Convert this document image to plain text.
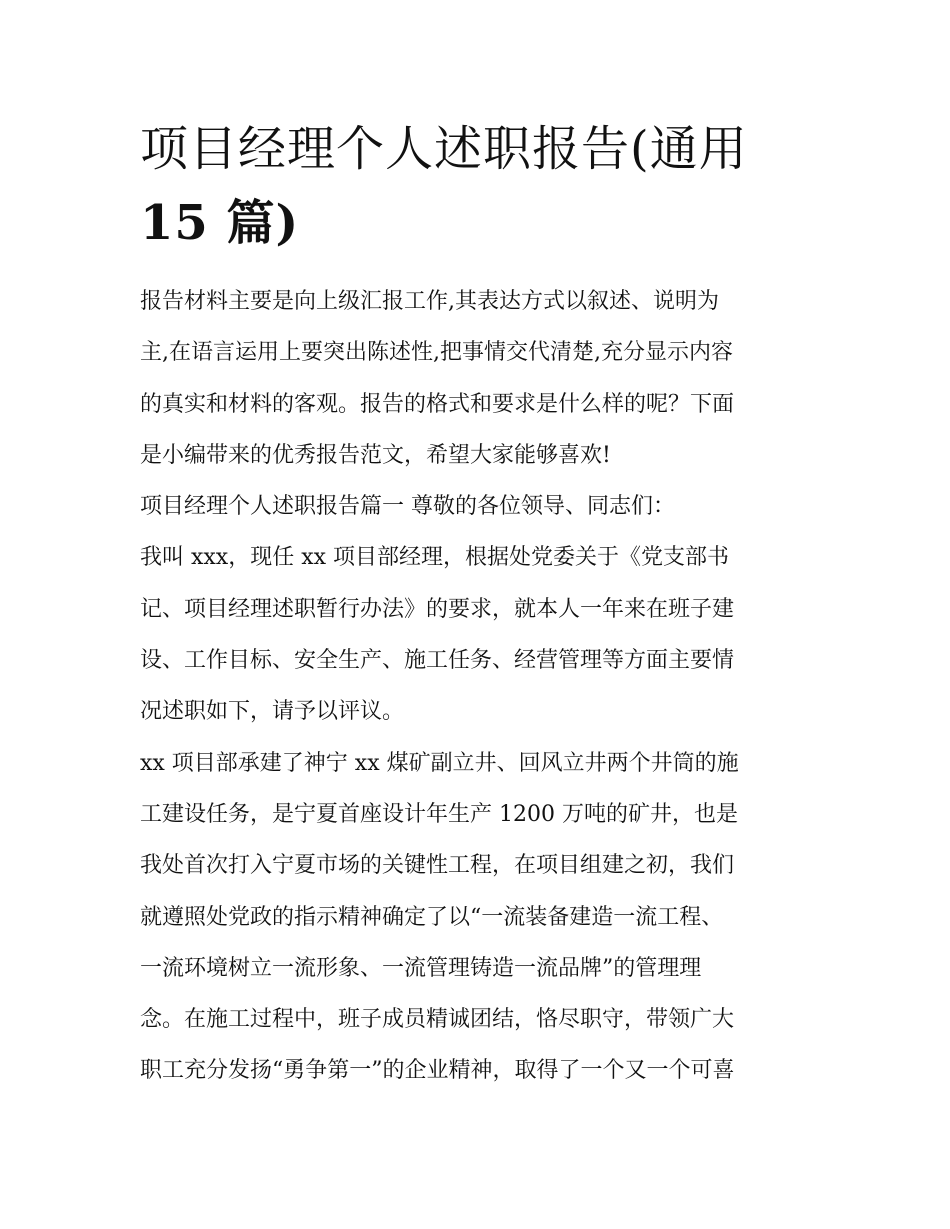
项目经理个人述职报告(通用
15 篇)
报告材料主要是向上级汇报工作,其表达方式以叙述、说明为
主,在语言运用上要突出陈述性,把事情交代清楚,充分显示内容
的真实和材料的客观。报告的格式和要求是什么样的呢？下面
是小编带来的优秀报告范文，希望大家能够喜欢!
项目经理个人述职报告篇一 尊敬的各位领导、同志们：
我叫 xxx，现任 xx 项目部经理，根据处党委关于《党支部书
记、项目经理述职暂行办法》的要求，就本人一年来在班子建
设、工作目标、安全生产、施工任务、经营管理等方面主要情
况述职如下，请予以评议。
xx 项目部承建了神宁 xx 煤矿副立井、回风立井两个井筒的施
工建设任务，是宁夏首座设计年生产 1200 万吨的矿井，也是
我处首次打入宁夏市场的关键性工程，在项目组建之初，我们
就遵照处党政的指示精神确定了以“一流装备建造一流工程、
一流环境树立一流形象、一流管理铸造一流品牌”的管理理
念。在施工过程中，班子成员精诚团结，恪尽职守，带领广大
职工充分发扬“勇争第一”的企业精神，取得了一个又一个可喜
